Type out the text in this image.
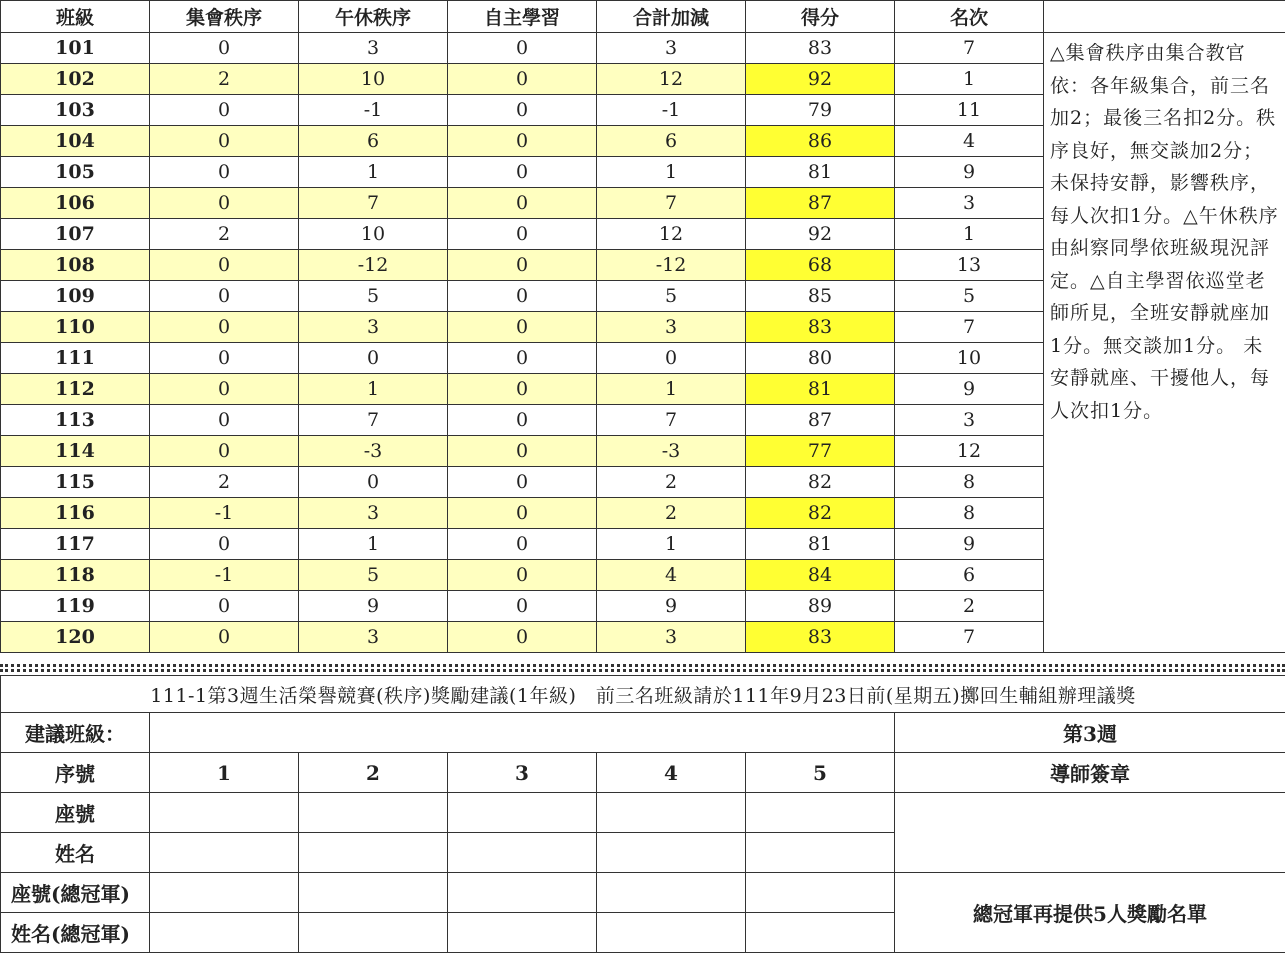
班級	集會秩序	午休秩序	自主學習	合計加減	得分	名次	
101	0	3	0	3	83	7	△集會秩序由集合教官依：各年級集合，前三名加2；最後三名扣2分。秩序良好，無交談加2分；未保持安靜，影響秩序，每人次扣1分。△午休秩序由糾察同學依班級現況評定。△自主學習依巡堂老師所見，全班安靜就座加1分。無交談加1分。 未安靜就座、干擾他人，每人次扣1分。
102	2	10	0	12	92	1	
103	0	-1	0	-1	79	11	
104	0	6	0	6	86	4	
105	0	1	0	1	81	9	
106	0	7	0	7	87	3	
107	2	10	0	12	92	1	
108	0	-12	0	-12	68	13	
109	0	5	0	5	85	5	
110	0	3	0	3	83	7	
111	0	0	0	0	80	10	
112	0	1	0	1	81	9	
113	0	7	0	7	87	3	
114	0	-3	0	-3	77	12	
115	2	0	0	2	82	8	
116	-1	3	0	2	82	8	
117	0	1	0	1	81	9	
118	-1	5	0	4	84	6	
119	0	9	0	9	89	2	
120	0	3	0	3	83	7	
111-1第3週生活榮譽競賽(秩序)獎勵建議(1年級)　前三名班級請於111年9月23日前(星期五)擲回生輔組辦理議獎						
建議班級：						第3週
序號	1	2	3	4	5	導師簽章
座號						
姓名						
座號(總冠軍)						總冠軍再提供5人獎勵名單
姓名(總冠軍)						
